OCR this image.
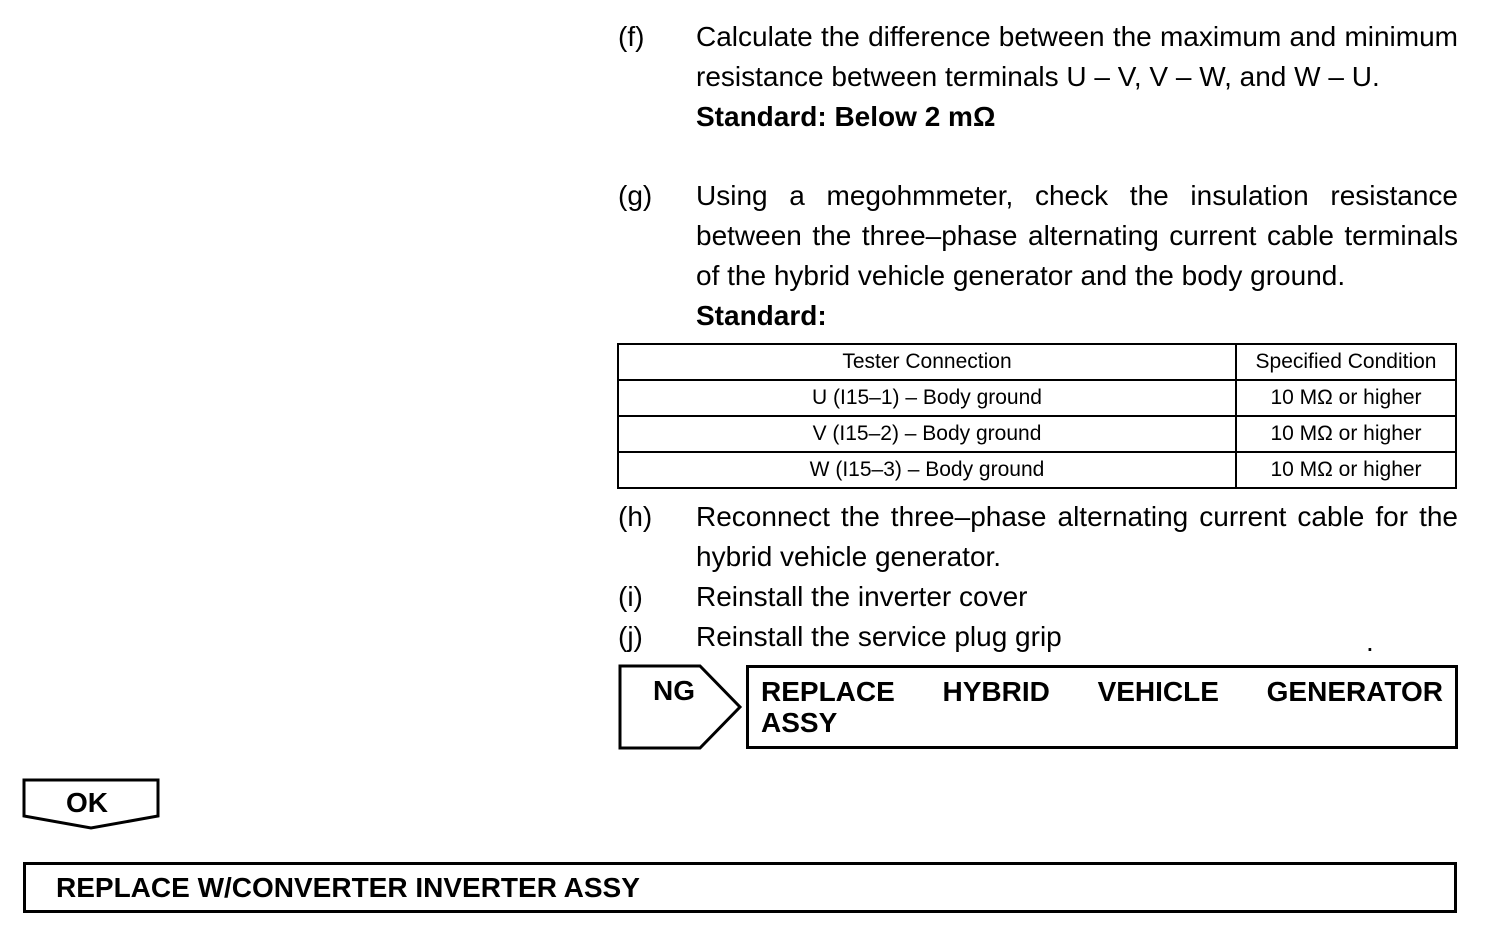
(f) Calculate the difference between the maximum and minimum resistance between terminals U – V, V – W, and W – U.
Standard: Below 2 mΩ
(g) Using a megohmmeter, check the insulation resistance between the three–phase alternating current cable terminals of the hybrid vehicle generator and the body ground.
Standard:
Tester Connection	Specified Condition
U (I15–1) – Body ground	10 MΩ or higher
V (I15–2) – Body ground	10 MΩ or higher
W (I15–3) – Body ground	10 MΩ or higher
(h) Reconnect the three–phase alternating current cable for the hybrid vehicle generator.
(i) Reinstall the inverter cover
(j) Reinstall the service plug grip	.
NG REPLACE HYBRID VEHICLE GENERATOR
ASSY
OK
REPLACE W/CONVERTER INVERTER ASSY
